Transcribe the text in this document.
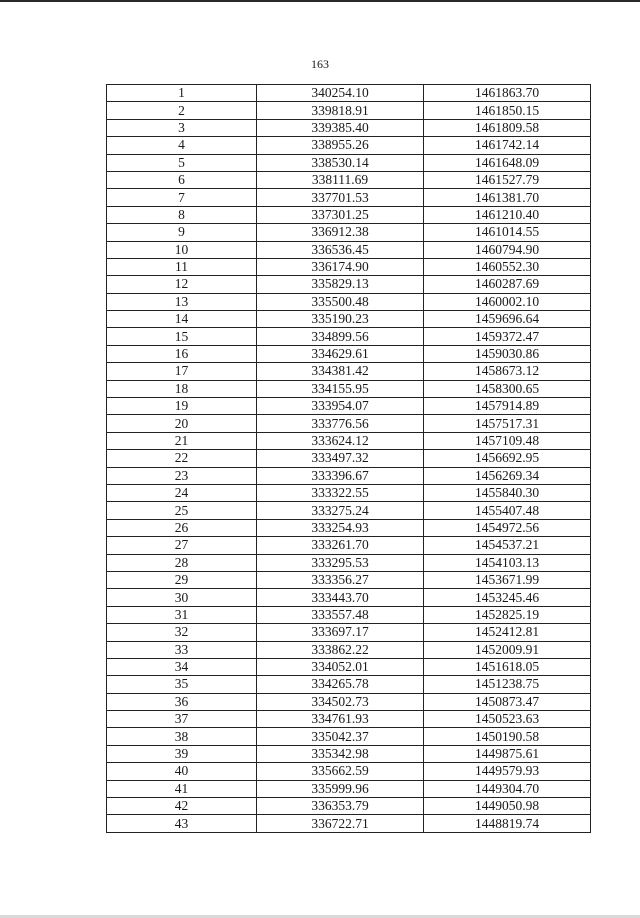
163
1	340254.10	1461863.70
2	339818.91	1461850.15
3	339385.40	1461809.58
4	338955.26	1461742.14
5	338530.14	1461648.09
6	338111.69	1461527.79
7	337701.53	1461381.70
8	337301.25	1461210.40
9	336912.38	1461014.55
10	336536.45	1460794.90
11	336174.90	1460552.30
12	335829.13	1460287.69
13	335500.48	1460002.10
14	335190.23	1459696.64
15	334899.56	1459372.47
16	334629.61	1459030.86
17	334381.42	1458673.12
18	334155.95	1458300.65
19	333954.07	1457914.89
20	333776.56	1457517.31
21	333624.12	1457109.48
22	333497.32	1456692.95
23	333396.67	1456269.34
24	333322.55	1455840.30
25	333275.24	1455407.48
26	333254.93	1454972.56
27	333261.70	1454537.21
28	333295.53	1454103.13
29	333356.27	1453671.99
30	333443.70	1453245.46
31	333557.48	1452825.19
32	333697.17	1452412.81
33	333862.22	1452009.91
34	334052.01	1451618.05
35	334265.78	1451238.75
36	334502.73	1450873.47
37	334761.93	1450523.63
38	335042.37	1450190.58
39	335342.98	1449875.61
40	335662.59	1449579.93
41	335999.96	1449304.70
42	336353.79	1449050.98
43	336722.71	1448819.74
